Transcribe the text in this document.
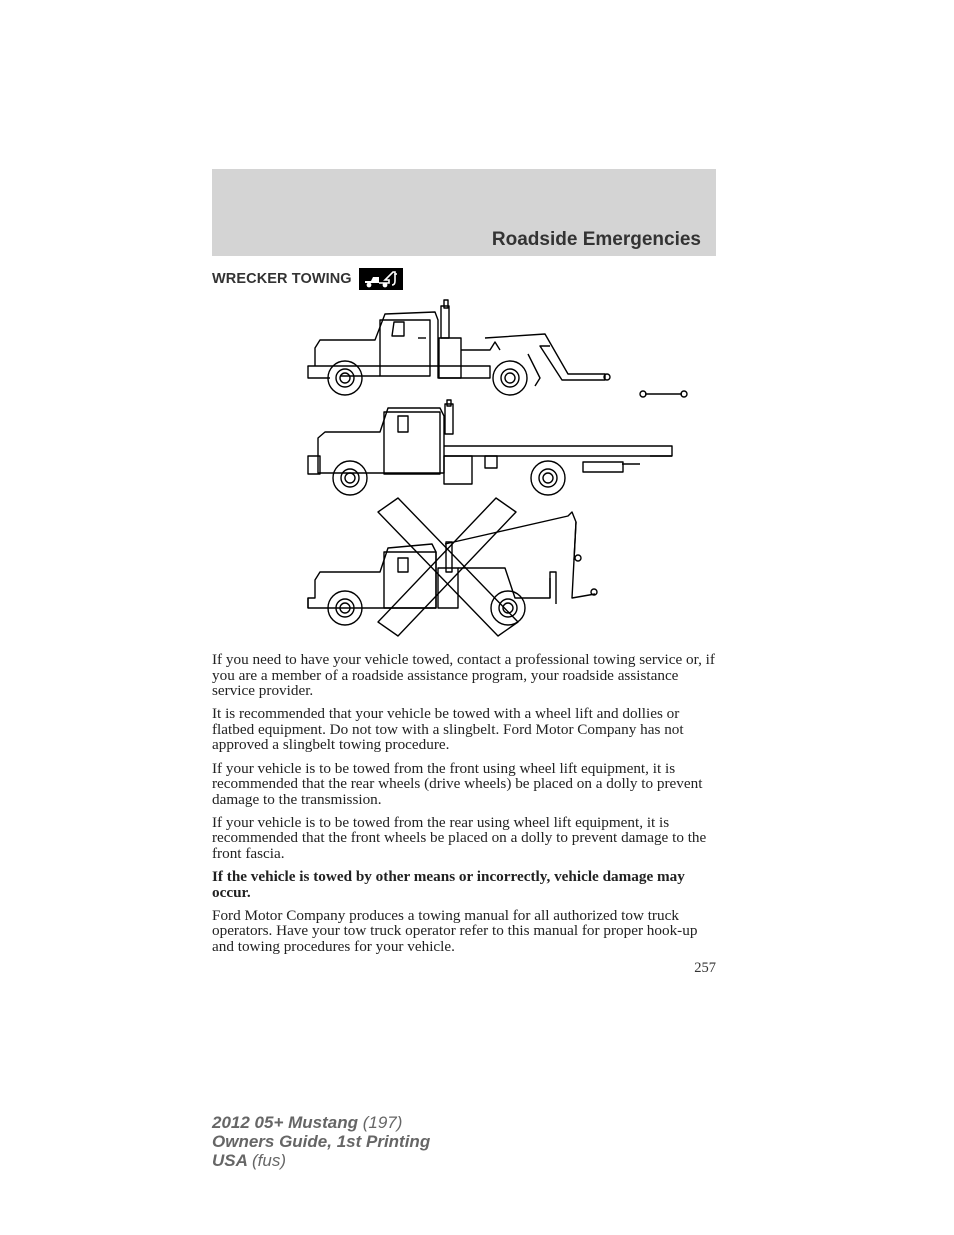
Roadside Emergencies
WRECKER TOWING

If you need to have your vehicle towed, contact a professional towing service or, if you are a member of a roadside assistance program, your roadside assistance service provider.

It is recommended that your vehicle be towed with a wheel lift and dollies or flatbed equipment. Do not tow with a slingbelt. Ford Motor Company has not approved a slingbelt towing procedure.

If your vehicle is to be towed from the front using wheel lift equipment, it is recommended that the rear wheels (drive wheels) be placed on a dolly to prevent damage to the transmission.

If your vehicle is to be towed from the rear using wheel lift equipment, it is recommended that the front wheels be placed on a dolly to prevent damage to the front fascia.

If the vehicle is towed by other means or incorrectly, vehicle damage may occur.

Ford Motor Company produces a towing manual for all authorized tow truck operators. Have your tow truck operator refer to this manual for proper hook-up and towing procedures for your vehicle.

257
2012 05+ Mustang (197)
Owners Guide, 1st Printing
USA (fus)
